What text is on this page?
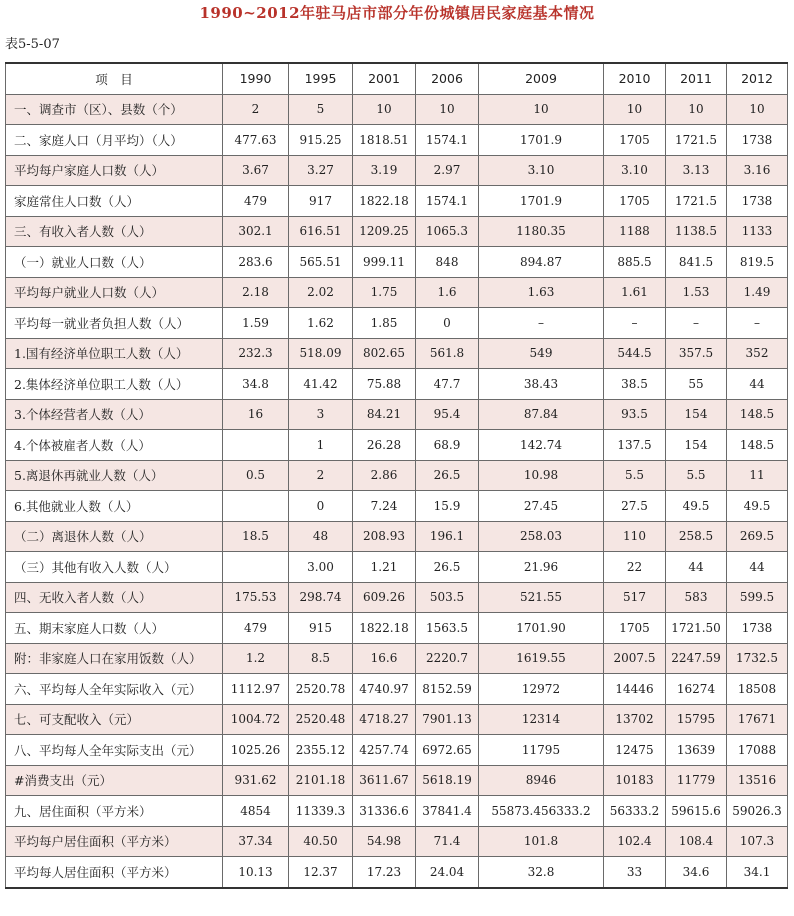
1990~2012年驻马店市部分年份城镇居民家庭基本情况
表5-5-07
项　目	1990	1995	2001	2006	2009	2010	2011	2012
一、调查市（区）、县数（个）	2	5	10	10	10	10	10	10
二、家庭人口（月平均）（人）	477.63	915.25	1818.51	1574.1	1701.9	1705	1721.5	1738
平均每户家庭人口数（人）	3.67	3.27	3.19	2.97	3.10	3.10	3.13	3.16
家庭常住人口数（人）	479	917	1822.18	1574.1	1701.9	1705	1721.5	1738
三、有收入者人数（人）	302.1	616.51	1209.25	1065.3	1180.35	1188	1138.5	1133
（一）就业人口数（人）	283.6	565.51	999.11	848	894.87	885.5	841.5	819.5
平均每户就业人口数（人）	2.18	2.02	1.75	1.6	1.63	1.61	1.53	1.49
平均每一就业者负担人数（人）	1.59	1.62	1.85	0	–	–	–	–
1.国有经济单位职工人数（人）	232.3	518.09	802.65	561.8	549	544.5	357.5	352
2.集体经济单位职工人数（人）	34.8	41.42	75.88	47.7	38.43	38.5	55	44
3.个体经营者人数（人）	16	3	84.21	95.4	87.84	93.5	154	148.5
4.个体被雇者人数（人）		1	26.28	68.9	142.74	137.5	154	148.5
5.离退休再就业人数（人）	0.5	2	2.86	26.5	10.98	5.5	5.5	11
6.其他就业人数（人）		0	7.24	15.9	27.45	27.5	49.5	49.5
（二）离退休人数（人）	18.5	48	208.93	196.1	258.03	110	258.5	269.5
（三）其他有收入人数（人）		3.00	1.21	26.5	21.96	22	44	44
四、无收入者人数（人）	175.53	298.74	609.26	503.5	521.55	517	583	599.5
五、期末家庭人口数（人）	479	915	1822.18	1563.5	1701.90	1705	1721.50	1738
附：非家庭人口在家用饭数（人）	1.2	8.5	16.6	2220.7	1619.55	2007.5	2247.59	1732.5
六、平均每人全年实际收入（元）	1112.97	2520.78	4740.97	8152.59	12972	14446	16274	18508
七、可支配收入（元）	1004.72	2520.48	4718.27	7901.13	12314	13702	15795	17671
八、平均每人全年实际支出（元）	1025.26	2355.12	4257.74	6972.65	11795	12475	13639	17088
#消费支出（元）	931.62	2101.18	3611.67	5618.19	8946	10183	11779	13516
九、居住面积（平方米）	4854	11339.3	31336.6	37841.4	55873.456333.2	56333.2	59615.6	59026.3
平均每户居住面积（平方米）	37.34	40.50	54.98	71.4	101.8	102.4	108.4	107.3
平均每人居住面积（平方米）	10.13	12.37	17.23	24.04	32.8	33	34.6	34.1
